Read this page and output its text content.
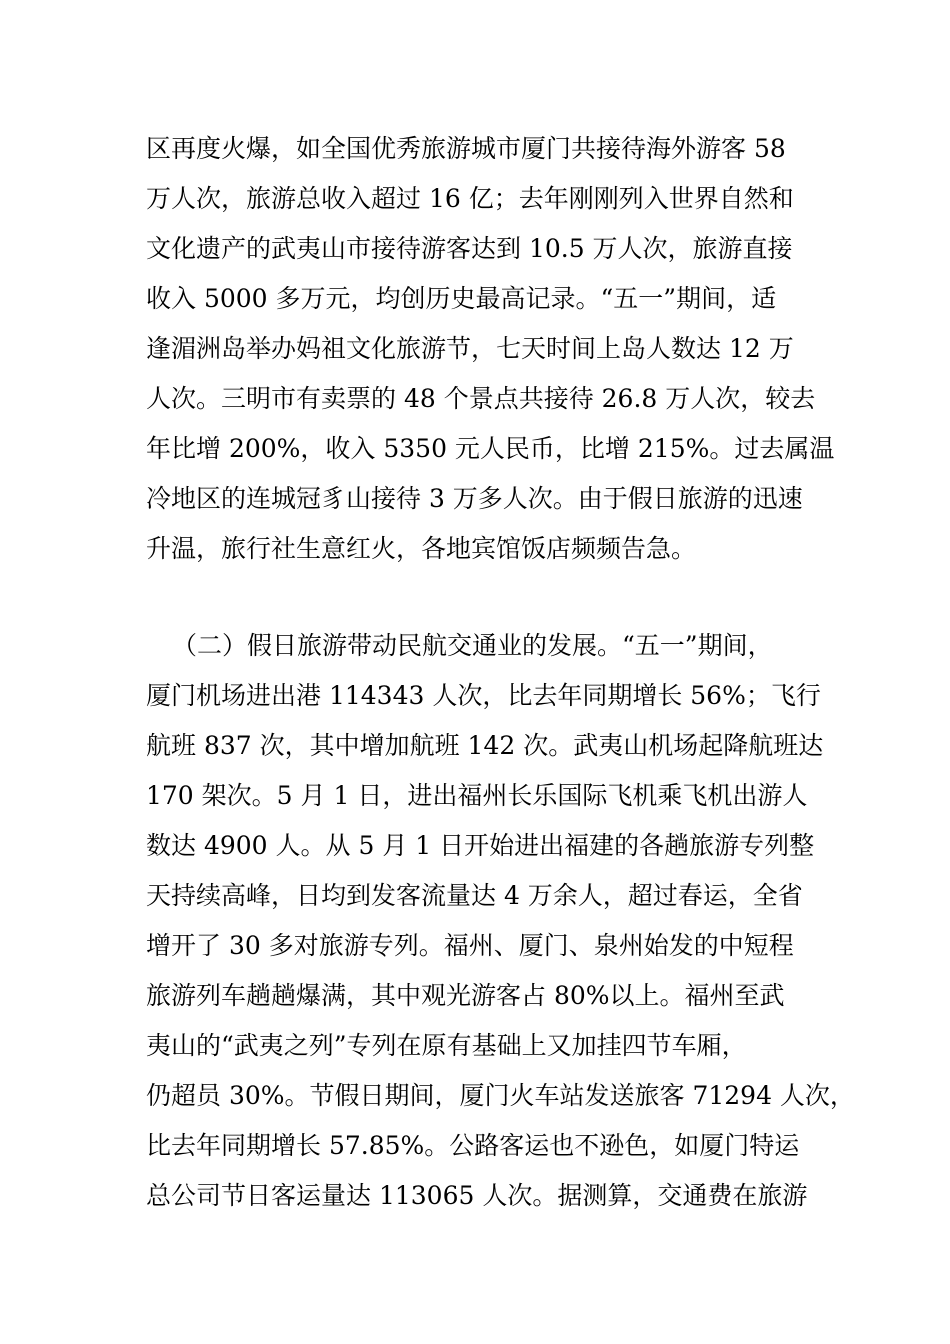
区再度火爆，如全国优秀旅游城市厦门共接待海外游客 58
万人次，旅游总收入超过 16 亿；去年刚刚列入世界自然和
文化遗产的武夷山市接待游客达到 10.5 万人次，旅游直接
收入 5000 多万元，均创历史最高记录。“五一”期间，适
逢湄洲岛举办妈祖文化旅游节，七天时间上岛人数达 12 万
人次。三明市有卖票的 48 个景点共接待 26.8 万人次，较去
年比增 200%，收入 5350 元人民币，比增 215%。过去属温
冷地区的连城冠豸山接待 3 万多人次。由于假日旅游的迅速
升温，旅行社生意红火，各地宾馆饭店频频告急。
（二）假日旅游带动民航交通业的发展。“五一”期间，
厦门机场进出港 114343 人次，比去年同期增长 56%；飞行
航班 837 次，其中增加航班 142 次。武夷山机场起降航班达
170 架次。5 月 1 日，进出福州长乐国际飞机乘飞机出游人
数达 4900 人。从 5 月 1 日开始进出福建的各趟旅游专列整
天持续高峰，日均到发客流量达 4 万余人，超过春运，全省
增开了 30 多对旅游专列。福州、厦门、泉州始发的中短程
旅游列车趟趟爆满，其中观光游客占 80%以上。福州至武
夷山的“武夷之列”专列在原有基础上又加挂四节车厢，
仍超员 30%。节假日期间，厦门火车站发送旅客 71294 人次，
比去年同期增长 57.85%。公路客运也不逊色，如厦门特运
总公司节日客运量达 113065 人次。据测算，交通费在旅游
